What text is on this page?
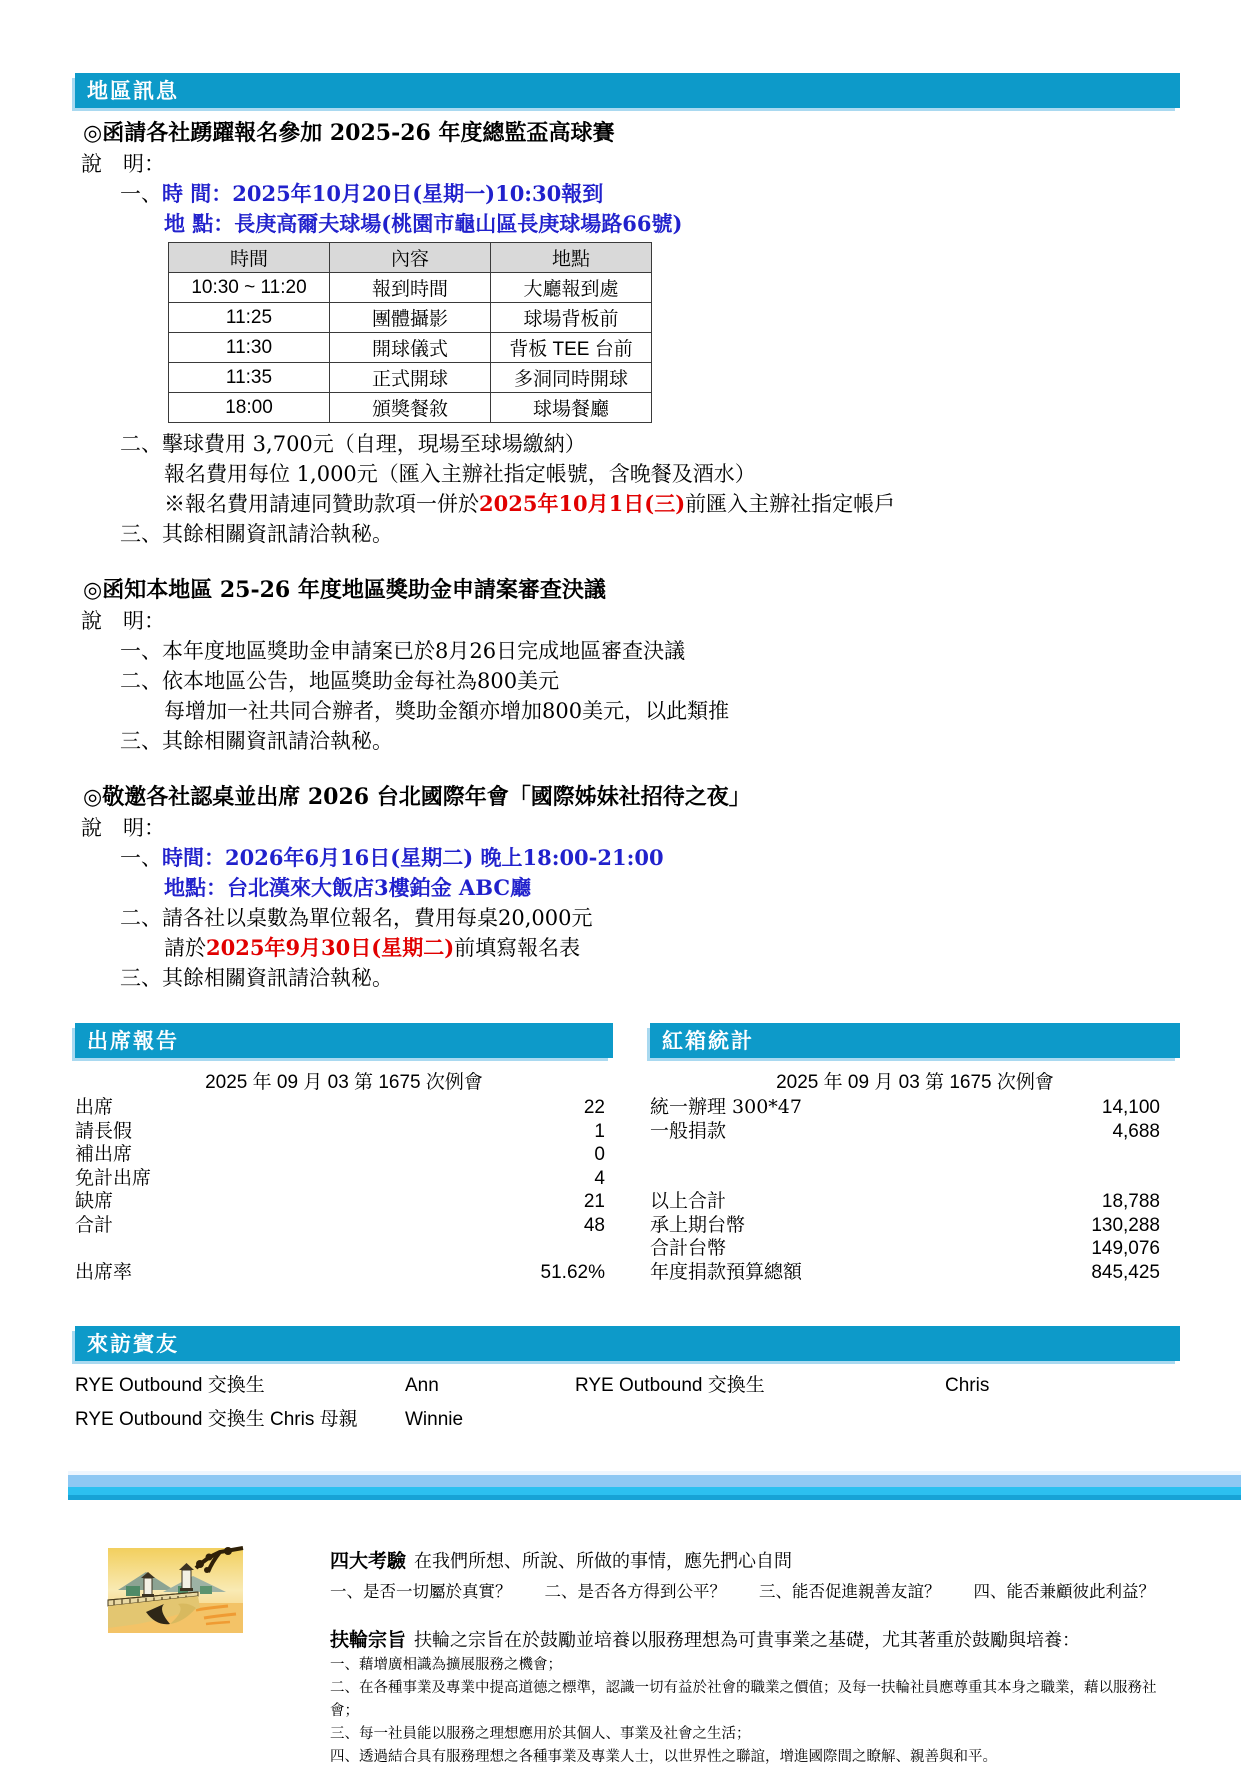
地區訊息
◎函請各社踴躍報名參加 2025-26 年度總監盃高球賽
說　明：
一、時 間：2025年10月20日(星期一)10:30報到
地 點：長庚高爾夫球場(桃園市龜山區長庚球場路66號)
時間	內容	地點
10:30 ~ 11:20	報到時間	大廳報到處
11:25	團體攝影	球場背板前
11:30	開球儀式	背板 TEE 台前
11:35	正式開球	多洞同時開球
18:00	頒獎餐敘	球場餐廳
二、擊球費用 3,700元（自理，現場至球場繳納）
報名費用每位 1,000元（匯入主辦社指定帳號，含晚餐及酒水）
※報名費用請連同贊助款項一併於2025年10月1日(三)前匯入主辦社指定帳戶
三、其餘相關資訊請洽執秘。
◎函知本地區 25-26 年度地區獎助金申請案審查決議
說　明：
一、本年度地區獎助金申請案已於8月26日完成地區審查決議
二、依本地區公告，地區獎助金每社為800美元
每增加一社共同合辦者，獎助金額亦增加800美元，以此類推
三、其餘相關資訊請洽執秘。
◎敬邀各社認桌並出席 2026 台北國際年會「國際姊妹社招待之夜」
說　明：
一、時間：2026年6月16日(星期二) 晚上18:00-21:00
地點：台北漢來大飯店3樓鉑金 ABC廳
二、請各社以桌數為單位報名，費用每桌20,000元
請於2025年9月30日(星期二)前填寫報名表
三、其餘相關資訊請洽執秘。
出席報告
2025 年 09 月 03 第 1675 次例會
出席	22
請長假	1
補出席	0
免計出席	4
缺席	21
合計	48
出席率	51.62%
紅箱統計
2025 年 09 月 03 第 1675 次例會
統一辦理 300*47	14,100
一般捐款	4,688
以上合計	18,788
承上期台幣	130,288
合計台幣	149,076
年度捐款預算總額	845,425
來訪賓友
RYE Outbound 交換生	Ann	RYE Outbound 交換生	Chris
RYE Outbound 交換生 Chris 母親	Winnie
四大考驗 在我們所想、所說、所做的事情，應先捫心自問
一、是否一切屬於真實？　　二、是否各方得到公平？　　三、能否促進親善友誼？　　四、能否兼顧彼此利益？
扶輪宗旨 扶輪之宗旨在於鼓勵並培養以服務理想為可貴事業之基礎，尤其著重於鼓勵與培養：
一、藉增廣相識為擴展服務之機會；
二、在各種事業及專業中提高道德之標準，認識一切有益於社會的職業之價值；及每一扶輪社員應尊重其本身之職業，藉以服務社會；
三、每一社員能以服務之理想應用於其個人、事業及社會之生活；
四、透過結合具有服務理想之各種事業及專業人士，以世界性之聯誼，增進國際間之瞭解、親善與和平。
